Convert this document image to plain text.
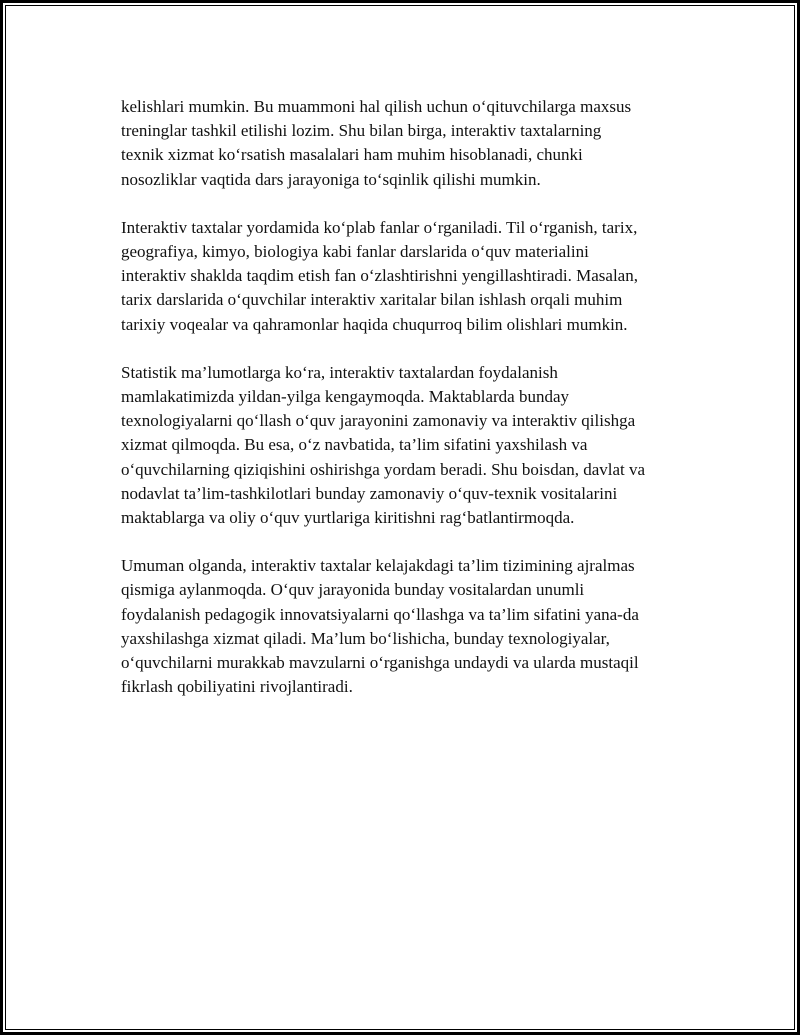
kelishlari mumkin. Bu muammoni hal qilish uchun o‘qituvchilarga maxsus
treninglar tashkil etilishi lozim. Shu bilan birga, interaktiv taxtalarning
texnik xizmat ko‘rsatish masalalari ham muhim hisoblanadi, chunki
nosozliklar vaqtida dars jarayoniga to‘sqinlik qilishi mumkin.

Interaktiv taxtalar yordamida ko‘plab fanlar o‘rganiladi. Til o‘rganish, tarix,
geografiya, kimyo, biologiya kabi fanlar darslarida o‘quv materialini
interaktiv shaklda taqdim etish fan o‘zlashtirishni yengillashtiradi. Masalan,
tarix darslarida o‘quvchilar interaktiv xaritalar bilan ishlash orqali muhim
tarixiy voqealar va qahramonlar haqida chuqurroq bilim olishlari mumkin.

Statistik ma’lumotlarga ko‘ra, interaktiv taxtalardan foydalanish
mamlakatimizda yildan-yilga kengaymoqda. Maktablarda bunday
texnologiyalarni qo‘llash o‘quv jarayonini zamonaviy va interaktiv qilishga
xizmat qilmoqda. Bu esa, o‘z navbatida, ta’lim sifatini yaxshilash va
o‘quvchilarning qiziqishini oshirishga yordam beradi. Shu boisdan, davlat va
nodavlat ta’lim-tashkilotlari bunday zamonaviy o‘quv-texnik vositalarini
maktablarga va oliy o‘quv yurtlariga kiritishni rag‘batlantirmoqda.

Umuman olganda, interaktiv taxtalar kelajakdagi ta’lim tizimining ajralmas
qismiga aylanmoqda. O‘quv jarayonida bunday vositalardan unumli
foydalanish pedagogik innovatsiyalarni qo‘llashga va ta’lim sifatini yana-da
yaxshilashga xizmat qiladi. Ma’lum bo‘lishicha, bunday texnologiyalar,
o‘quvchilarni murakkab mavzularni o‘rganishga undaydi va ularda mustaqil
fikrlash qobiliyatini rivojlantiradi.
